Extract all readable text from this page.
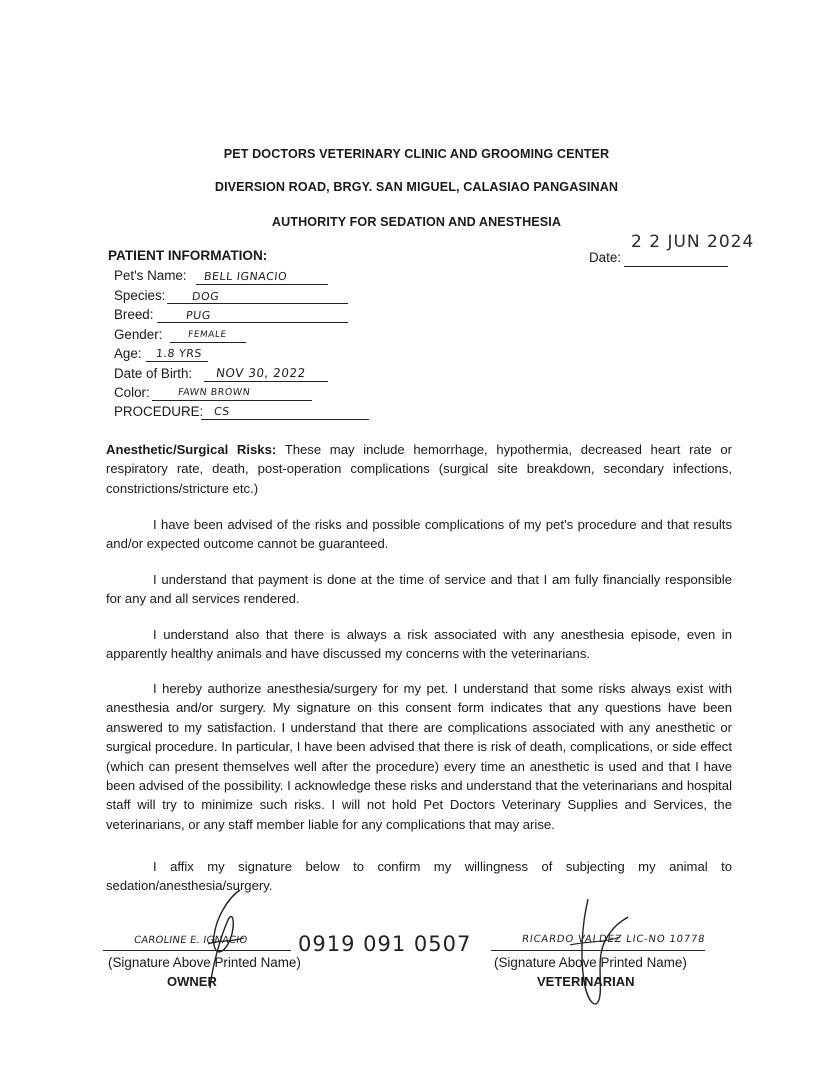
PET DOCTORS VETERINARY CLINIC AND GROOMING CENTER
DIVERSION ROAD, BRGY. SAN MIGUEL, CALASIAO PANGASINAN
AUTHORITY FOR SEDATION AND ANESTHESIA
2 2 JUN 2024
Date:
PATIENT INFORMATION:
Pet's Name: BELL IGNACIO
Species: DOG
Breed:	PUG
Gender:	FEMALE
Age: 1.8 YRS
Date of Birth: NOV 30, 2022
Color:	FAWN BROWN
PROCEDURE: CS
Anesthetic/Surgical Risks: These may include hemorrhage, hypothermia, decreased heart rate or respiratory rate, death, post-operation complications (surgical site breakdown, secondary infections, constrictions/stricture etc.)
I have been advised of the risks and possible complications of my pet’s procedure and that results and/or expected outcome cannot be guaranteed.
I understand that payment is done at the time of service and that I am fully financially responsible for any and all services rendered.
I understand also that there is always a risk associated with any anesthesia episode, even in apparently healthy animals and have discussed my concerns with the veterinarians.
I hereby authorize anesthesia/surgery for my pet. I understand that some risks always exist with anesthesia and/or surgery. My signature on this consent form indicates that any questions have been answered to my satisfaction. I understand that there are complications associated with any anesthetic or surgical procedure. In particular, I have been advised that there is risk of death, complications, or side effect (which can present themselves well after the procedure) every time an anesthetic is used and that I have been advised of the possibility. I acknowledge these risks and understand that the veterinarians and hospital staff will try to minimize such risks. I will not hold Pet Doctors Veterinary Supplies and Services, the veterinarians, or any staff member liable for any complications that may arise.
I affix my signature below to confirm my willingness of subjecting my animal to sedation/anesthesia/surgery.
CAROLINE E. IGNACIO 0919 091 0507
(Signature Above Printed Name)
OWNER
RICARDO VALDEZ LIC-NO 10778
(Signature Above Printed Name)
VETERINARIAN
